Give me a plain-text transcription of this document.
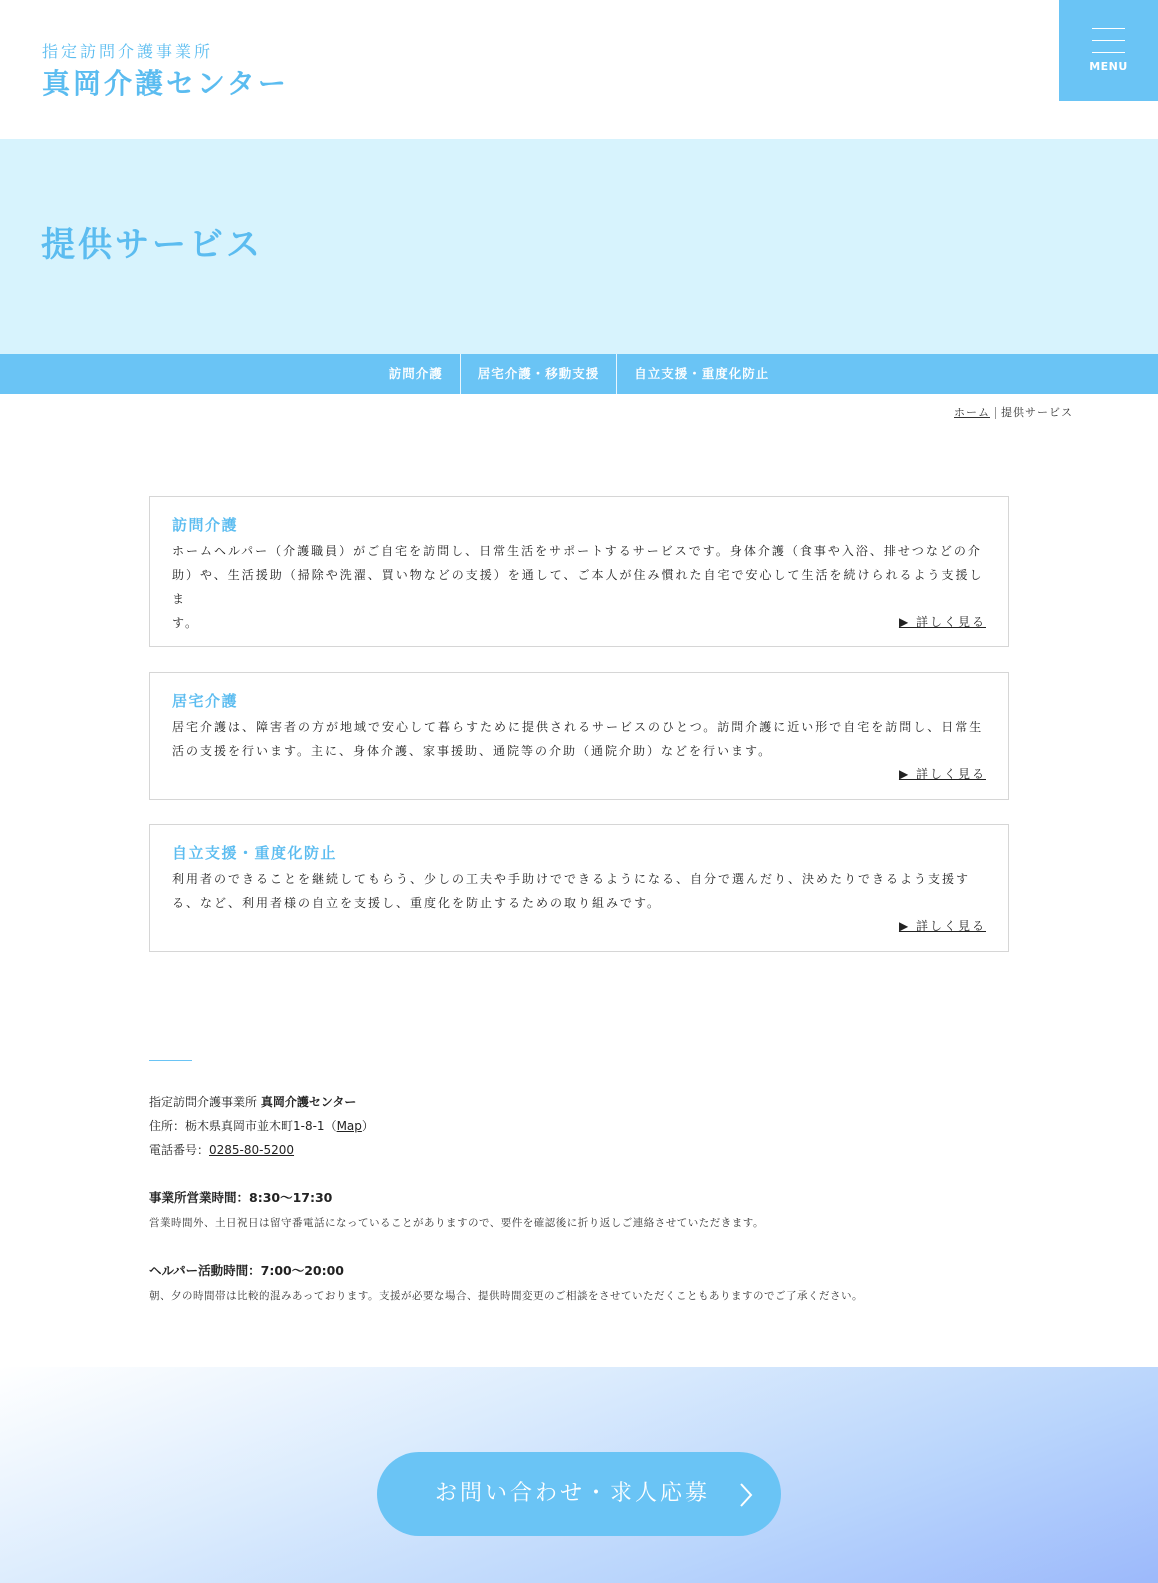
指定訪問介護事業所
真岡介護センター
MENU
提供サービス
訪問介護	居宅介護・移動支援	自立支援・重度化防止
ホーム 提供サービス
訪問介護
ホームヘルパー（介護職員）がご自宅を訪問し、日常生活をサポートするサービスです。身体介護（食事や入浴、排せつなどの介
助）や、生活援助（掃除や洗濯、買い物などの支援）を通して、ご本人が住み慣れた自宅で安心して生活を続けられるよう支援しま
す。	▶ 詳しく見る
居宅介護
居宅介護は、障害者の方が地域で安心して暮らすために提供されるサービスのひとつ。訪問介護に近い形で自宅を訪問し、日常生
活の支援を行います。主に、身体介護、家事援助、通院等の介助（通院介助）などを行います。
▶ 詳しく見る
自立支援・重度化防止
利用者のできることを継続してもらう、少しの工夫や手助けでできるようになる、自分で選んだり、決めたりできるよう支援す
る、など、利用者様の自立を支援し、重度化を防止するための取り組みです。
▶ 詳しく見る
指定訪問介護事業所 真岡介護センター
住所：栃木県真岡市並木町1-8-1（Map）
電話番号：0285-80-5200
事業所営業時間：8:30〜17:30
営業時間外、土日祝日は留守番電話になっていることがありますので、要件を確認後に折り返しご連絡させていただきます。
ヘルパー活動時間：7:00〜20:00
朝、夕の時間帯は比較的混みあっております。支援が必要な場合、提供時間変更のご相談をさせていただくこともありますのでご了承ください。
お問い合わせ・求人応募
